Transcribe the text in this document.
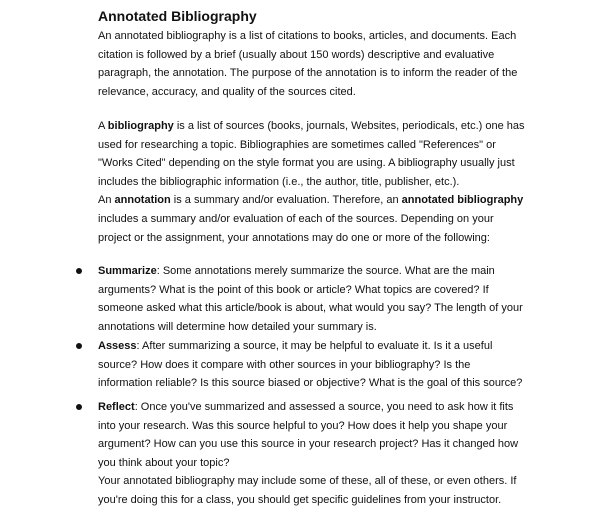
Annotated Bibliography
An annotated bibliography is a list of citations to books, articles, and documents. Each
citation is followed by a brief (usually about 150 words) descriptive and evaluative
paragraph, the annotation. The purpose of the annotation is to inform the reader of the
relevance, accuracy, and quality of the sources cited.
A bibliography is a list of sources (books, journals, Websites, periodicals, etc.) one has
used for researching a topic. Bibliographies are sometimes called "References" or
"Works Cited" depending on the style format you are using. A bibliography usually just
includes the bibliographic information (i.e., the author, title, publisher, etc.).
An annotation is a summary and/or evaluation. Therefore, an annotated bibliography
includes a summary and/or evaluation of each of the sources. Depending on your
project or the assignment, your annotations may do one or more of the following:
Summarize: Some annotations merely summarize the source. What are the main
arguments? What is the point of this book or article? What topics are covered? If
someone asked what this article/book is about, what would you say? The length of your
annotations will determine how detailed your summary is.
Assess: After summarizing a source, it may be helpful to evaluate it. Is it a useful
source? How does it compare with other sources in your bibliography? Is the
information reliable? Is this source biased or objective? What is the goal of this source?
Reflect: Once you've summarized and assessed a source, you need to ask how it fits
into your research. Was this source helpful to you? How does it help you shape your
argument? How can you use this source in your research project? Has it changed how
you think about your topic?
Your annotated bibliography may include some of these, all of these, or even others. If
you're doing this for a class, you should get specific guidelines from your instructor.
